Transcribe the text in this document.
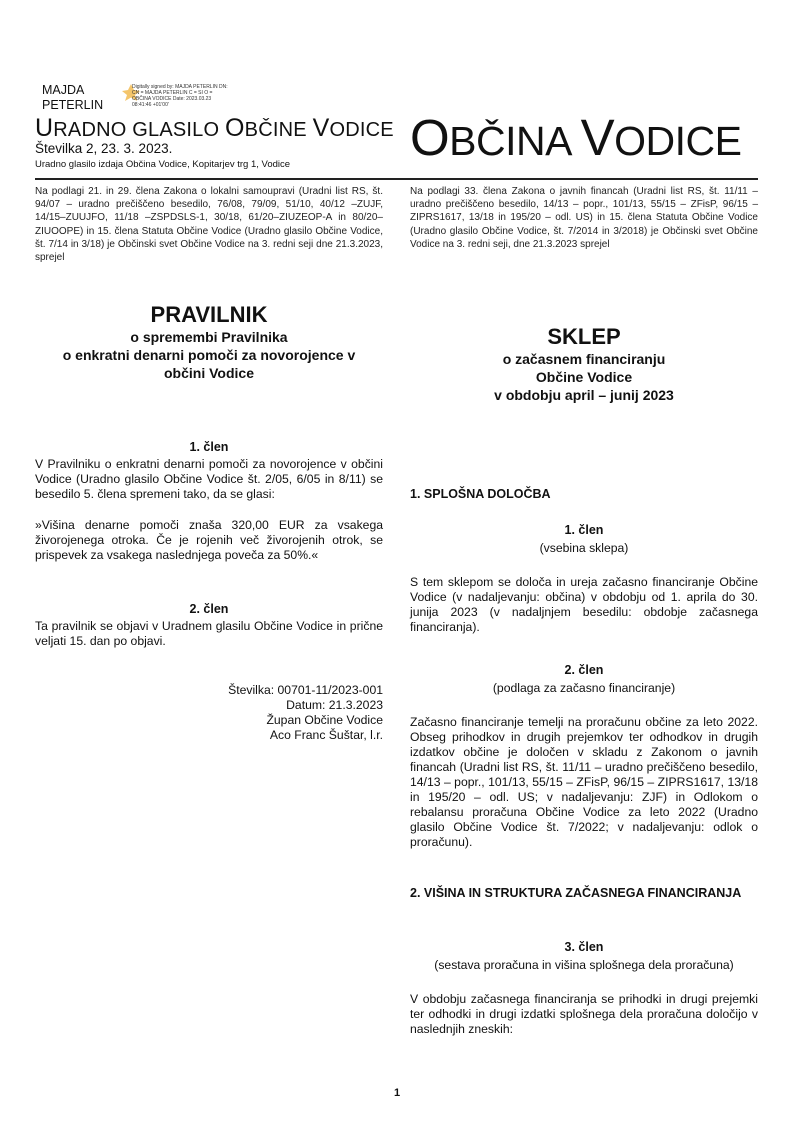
MAJDA
PETERLIN
Digitally signed by: MAJDA PETERLIN DN: CN = MAJDA PETERLIN C = SI O = OBČINA VODICE Date: 2023.03.23 08:41:46 +01'00'
URADNO GLASILO OBČINE VODICE
Številka 2, 23. 3. 2023.
Uradno glasilo izdaja Občina Vodice, Kopitarjev trg 1, Vodice OBČINA VODICE
Na podlagi 21. in 29. člena Zakona o lokalni samoupravi (Uradni list RS, št. 94/07 – uradno prečiščeno besedilo, 76/08, 79/09, 51/10, 40/12 –ZUJF, 14/15–ZUUJFO, 11/18 –ZSPDSLS-1, 30/18, 61/20–ZIUZEOP-A in 80/20–ZIUOOPE) in 15. člena Statuta Občine Vodice (Uradno glasilo Občine Vodice, št. 7/14 in 3/18) je Občinski svet Občine Vodice na 3. redni seji dne 21.3.2023, sprejel
Na podlagi 33. člena Zakona o javnih financah (Uradni list RS, št. 11/11 – uradno prečiščeno besedilo, 14/13 – popr., 101/13, 55/15 – ZFisP, 96/15 – ZIPRS1617, 13/18 in 195/20 – odl. US) in 15. člena Statuta Občine Vodice (Uradno glasilo Občine Vodice, št. 7/2014 in 3/2018) je Občinski svet Občine Vodice na 3. redni seji, dne 21.3.2023 sprejel
PRAVILNIK
o spremembi Pravilnika
o enkratni denarni pomoči za novorojence v
občini Vodice
1. člen
V Pravilniku o enkratni denarni pomoči za novorojence v občini Vodice (Uradno glasilo Občine Vodice št. 2/05, 6/05 in 8/11) se besedilo 5. člena spremeni tako, da se glasi:
»Višina denarne pomoči znaša 320,00 EUR za vsakega živorojenega otroka. Če je rojenih več živorojenih otrok, se prispevek za vsakega naslednjega poveča za 50%.«
2. člen
Ta pravilnik se objavi v Uradnem glasilu Občine Vodice in prične veljati 15. dan po objavi.
Številka: 00701-11/2023-001
Datum: 21.3.2023
Župan Občine Vodice
Aco Franc Šuštar, l.r.
SKLEP
o začasnem financiranju
Občine Vodice
v obdobju april – junij 2023
1. SPLOŠNA DOLOČBA
1. člen
(vsebina sklepa)
S tem sklepom se določa in ureja začasno financiranje Občine Vodice (v nadaljevanju: občina) v obdobju od 1. aprila do 30. junija 2023 (v nadaljnjem besedilu: obdobje začasnega financiranja).
2. člen
(podlaga za začasno financiranje)
Začasno financiranje temelji na proračunu občine za leto 2022. Obseg prihodkov in drugih prejemkov ter odhodkov in drugih izdatkov občine je določen v skladu z Zakonom o javnih financah (Uradni list RS, št. 11/11 – uradno prečiščeno besedilo, 14/13 – popr., 101/13, 55/15 – ZFisP, 96/15 – ZIPRS1617, 13/18 in 195/20 – odl. US; v nadaljevanju: ZJF) in Odlokom o rebalansu proračuna Občine Vodice za leto 2022 (Uradno glasilo Občine Vodice št. 7/2022; v nadaljevanju: odlok o proračunu).
2. VIŠINA IN STRUKTURA ZAČASNEGA FINANCIRANJA
3. člen
(sestava proračuna in višina splošnega dela proračuna)
V obdobju začasnega financiranja se prihodki in drugi prejemki ter odhodki in drugi izdatki splošnega dela proračuna določijo v naslednjih zneskih:
1
